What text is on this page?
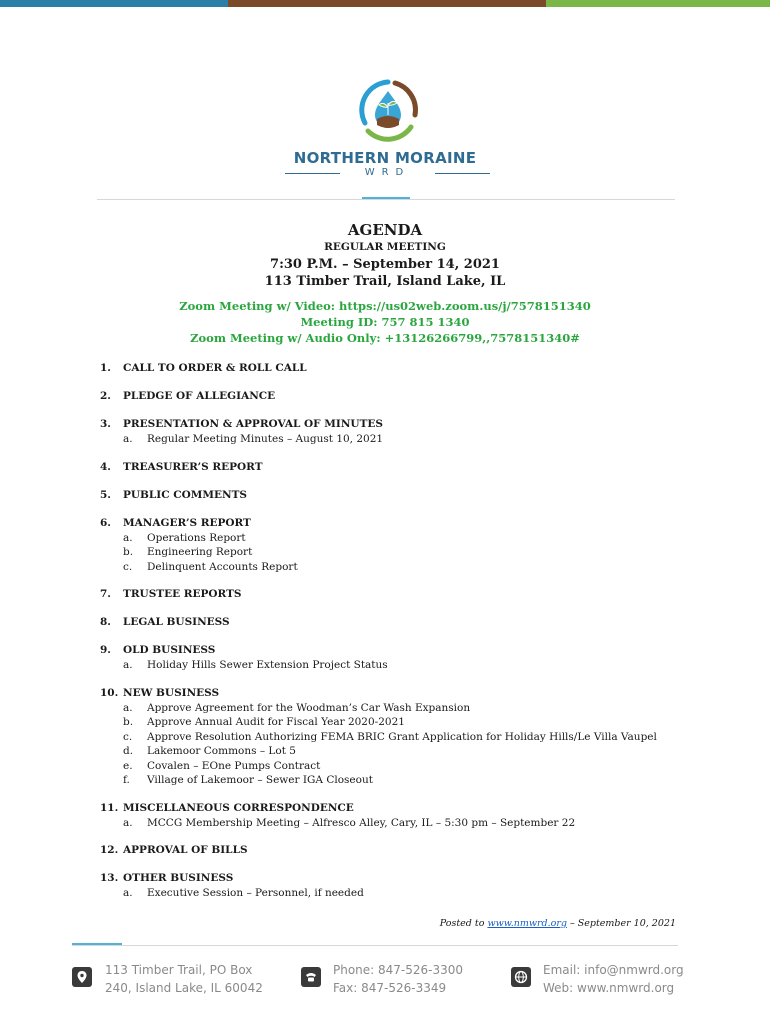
NORTHERN MORAINE
WRD
AGENDA
REGULAR MEETING
7:30 P.M. – September 14, 2021
113 Timber Trail, Island Lake, IL
Zoom Meeting w/ Video: https://us02web.zoom.us/j/7578151340
Meeting ID: 757 815 1340
Zoom Meeting w/ Audio Only: +13126266799,,7578151340#
1.	CALL TO ORDER & ROLL CALL
2.	PLEDGE OF ALLEGIANCE
3.	PRESENTATION & APPROVAL OF MINUTES
a.	Regular Meeting Minutes – August 10, 2021
4.	TREASURER’S REPORT
5.	PUBLIC COMMENTS
6.	MANAGER’S REPORT
a.	Operations Report
b.	Engineering Report
c.	Delinquent Accounts Report
7.	TRUSTEE REPORTS
8.	LEGAL BUSINESS
9.	OLD BUSINESS
a.	Holiday Hills Sewer Extension Project Status
10. NEW BUSINESS
a.	Approve Agreement for the Woodman’s Car Wash Expansion
b.	Approve Annual Audit for Fiscal Year 2020-2021
c.	Approve Resolution Authorizing FEMA BRIC Grant Application for Holiday Hills/Le Villa Vaupel
d.	Lakemoor Commons – Lot 5
e.	Covalen – EOne Pumps Contract
f.	Village of Lakemoor – Sewer IGA Closeout
11. MISCELLANEOUS CORRESPONDENCE
a.	MCCG Membership Meeting – Alfresco Alley, Cary, IL – 5:30 pm – September 22
12. APPROVAL OF BILLS
13. OTHER BUSINESS
a.	Executive Session – Personnel, if needed
Posted to www.nmwrd.org – September 10, 2021
113 Timber Trail, PO Box
240, Island Lake, IL 60042
Phone: 847-526-3300
Fax: 847-526-3349
Email: info@nmwrd.org
Web: www.nmwrd.org
